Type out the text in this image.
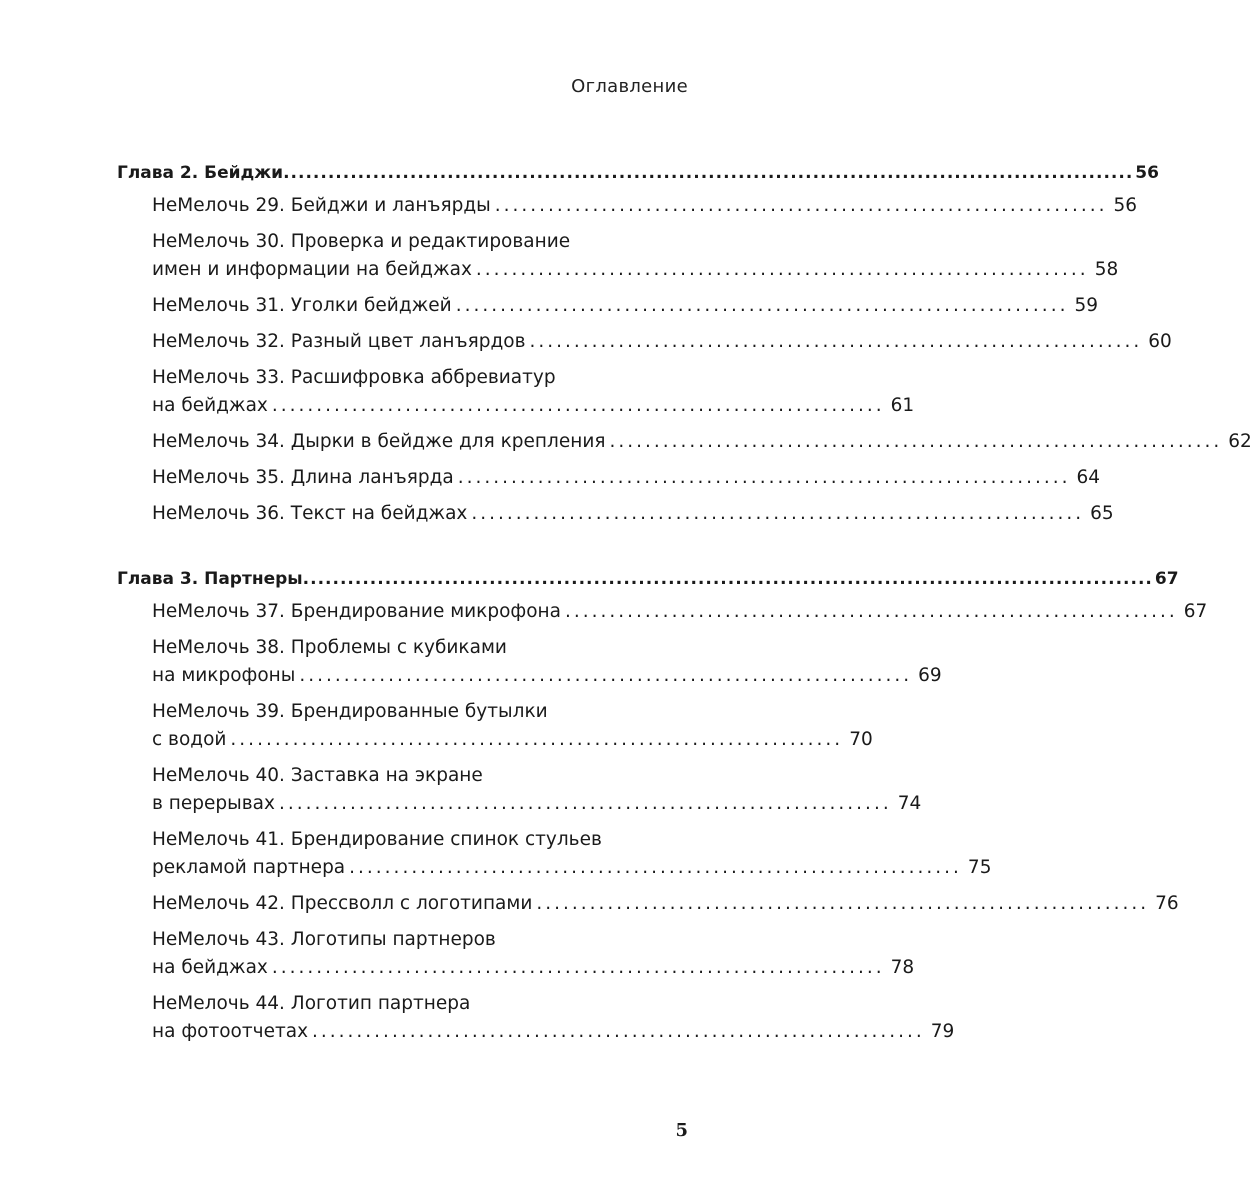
Оглавление
Глава 2. Бейджи .................................................................................................................. 56
НеМелочь 29. Бейджи и ланъярды ..................................................................... 56
НеМелочь 30. Проверка и редактирование
имен и информации на бейджах ..................................................................... 58
НеМелочь 31. Уголки бейджей ..................................................................... 59
НеМелочь 32. Разный цвет ланъярдов ..................................................................... 60
НеМелочь 33. Расшифровка аббревиатур
на бейджах ..................................................................... 61
НеМелочь 34. Дырки в бейдже для крепления ..................................................................... 62
НеМелочь 35. Длина ланъярда ..................................................................... 64
НеМелочь 36. Текст на бейджах ..................................................................... 65
Глава 3. Партнеры .................................................................................................................. 67
НеМелочь 37. Брендирование микрофона ..................................................................... 67
НеМелочь 38. Проблемы с кубиками
на микрофоны ..................................................................... 69
НеМелочь 39. Брендированные бутылки
с водой ..................................................................... 70
НеМелочь 40. Заставка на экране
в перерывах ..................................................................... 74
НеМелочь 41. Брендирование спинок стульев
рекламой партнера ..................................................................... 75
НеМелочь 42. Прессволл с логотипами ..................................................................... 76
НеМелочь 43. Логотипы партнеров
на бейджах ..................................................................... 78
НеМелочь 44. Логотип партнера
на фотоотчетах ..................................................................... 79
5
